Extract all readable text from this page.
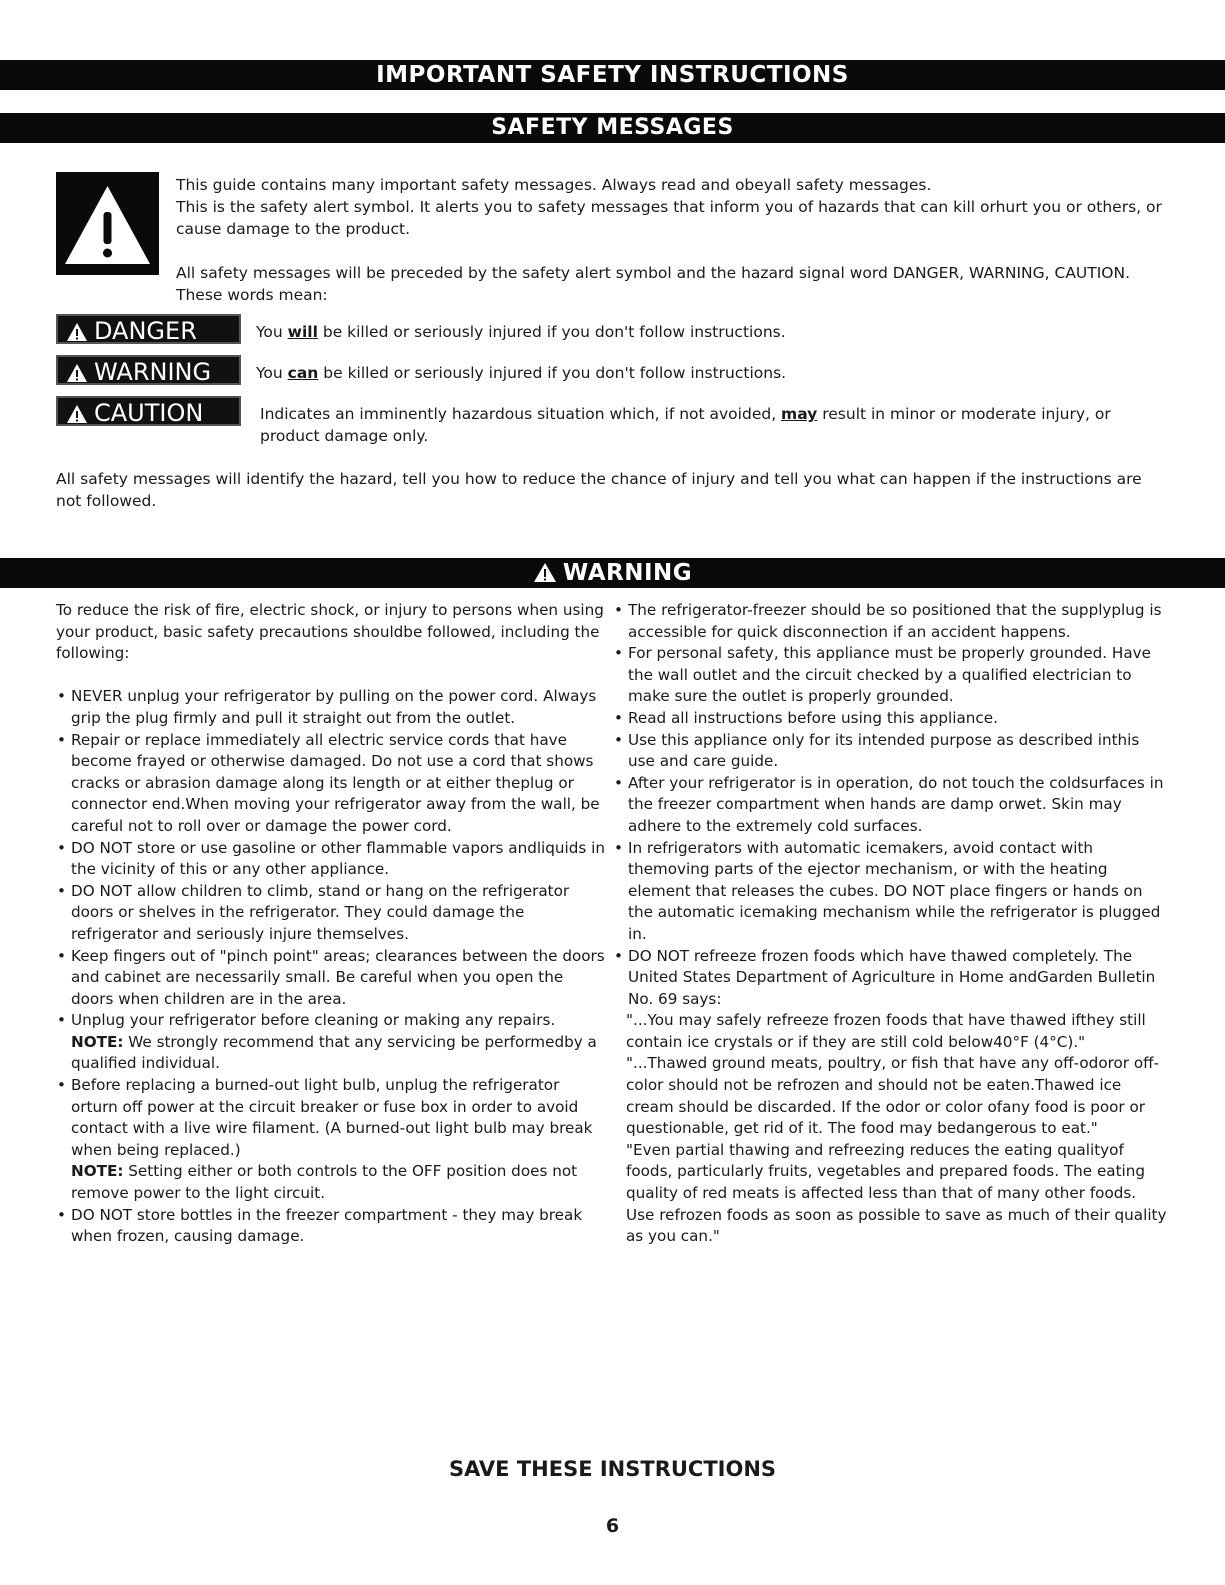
IMPORTANT SAFETY INSTRUCTIONS
SAFETY MESSAGES
This guide contains many important safety messages. Always read and obeyall safety messages.
This is the safety alert symbol. It alerts you to safety messages that inform you of hazards that can kill orhurt you or others, or cause damage to the product.
All safety messages will be preceded by the safety alert symbol and the hazard signal word DANGER, WARNING, CAUTION. These words mean:
DANGER	You will be killed or seriously injured if you don't follow instructions.
WARNING	You can be killed or seriously injured if you don't follow instructions.
CAUTION	Indicates an imminently hazardous situation which, if not avoided, may result in minor or moderate injury, or product damage only.
All safety messages will identify the hazard, tell you how to reduce the chance of injury and tell you what can happen if the instructions are not followed.
WARNING

To reduce the risk of fire, electric shock, or injury to persons when using your product, basic safety precautions shouldbe followed, including the following:

• NEVER unplug your refrigerator by pulling on the power cord. Always grip the plug firmly and pull it straight out from the outlet.
• Repair or replace immediately all electric service cords that have become frayed or otherwise damaged. Do not use a cord that shows cracks or abrasion damage along its length or at either theplug or connector end.When moving your refrigerator away from the wall, be careful not to roll over or damage the power cord.
• DO NOT store or use gasoline or other flammable vapors andliquids in the vicinity of this or any other appliance.
• DO NOT allow children to climb, stand or hang on the refrigerator doors or shelves in the refrigerator. They could damage the refrigerator and seriously injure themselves.
• Keep fingers out of "pinch point" areas; clearances between the doors and cabinet are necessarily small. Be careful when you open the doors when children are in the area.
• Unplug your refrigerator before cleaning or making any repairs.
NOTE: We strongly recommend that any servicing be performedby a qualified individual.
• Before replacing a burned-out light bulb, unplug the refrigerator orturn off power at the circuit breaker or fuse box in order to avoid contact with a live wire filament. (A burned-out light bulb may break when being replaced.)
NOTE: Setting either or both controls to the OFF position does not remove power to the light circuit.
• DO NOT store bottles in the freezer compartment - they may break when frozen, causing damage.
• The refrigerator-freezer should be so positioned that the supplyplug is accessible for quick disconnection if an accident happens.
• For personal safety, this appliance must be properly grounded. Have the wall outlet and the circuit checked by a qualified electrician to make sure the outlet is properly grounded.
• Read all instructions before using this appliance.
• Use this appliance only for its intended purpose as described inthis use and care guide.
• After your refrigerator is in operation, do not touch the coldsurfaces in the freezer compartment when hands are damp orwet. Skin may adhere to the extremely cold surfaces.
• In refrigerators with automatic icemakers, avoid contact with themoving parts of the ejector mechanism, or with the heating element that releases the cubes. DO NOT place fingers or hands on the automatic icemaking mechanism while the refrigerator is plugged in.
• DO NOT refreeze frozen foods which have thawed completely. The United States Department of Agriculture in Home andGarden Bulletin No. 69 says:

"...You may safely refreeze frozen foods that have thawed ifthey still contain ice crystals or if they are still cold below40°F (4°C)."

"...Thawed ground meats, poultry, or fish that have any off-odoror off-color should not be refrozen and should not be eaten.Thawed ice cream should be discarded. If the odor or color ofany food is poor or questionable, get rid of it. The food may bedangerous to eat."

"Even partial thawing and refreezing reduces the eating qualityof foods, particularly fruits, vegetables and prepared foods. The eating quality of red meats is affected less than that of many other foods. Use refrozen foods as soon as possible to save as much of their quality as you can."

SAVE THESE INSTRUCTIONS
6
